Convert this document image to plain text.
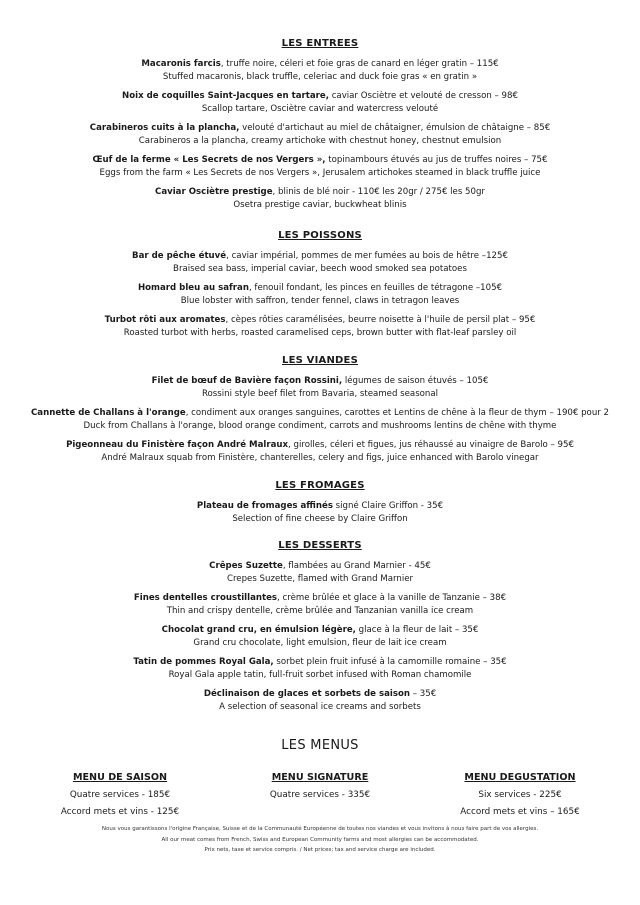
LES ENTREES
Macaronis farcis, truffe noire, céleri et foie gras de canard en léger gratin – 115€
Stuffed macaronis, black truffle, celeriac and duck foie gras « en gratin »
Noix de coquilles Saint-Jacques en tartare, caviar Osciètre et velouté de cresson – 98€
Scallop tartare, Osciètre caviar and watercress velouté
Carabineros cuits à la plancha, velouté d'artichaut au miel de châtaigner, émulsion de châtaigne – 85€
Carabineros a la plancha, creamy artichoke with chestnut honey, chestnut emulsion
Œuf de la ferme « Les Secrets de nos Vergers », topinambours étuvés au jus de truffes noires – 75€
Eggs from the farm « Les Secrets de nos Vergers », Jerusalem artichokes steamed in black truffle juice
Caviar Osciètre prestige, blinis de blé noir - 110€ les 20gr / 275€ les 50gr
Osetra prestige caviar, buckwheat blinis
LES POISSONS
Bar de pêche étuvé, caviar impérial, pommes de mer fumées au bois de hêtre –125€
Braised sea bass, imperial caviar, beech wood smoked sea potatoes
Homard bleu au safran, fenouil fondant, les pinces en feuilles de tétragone –105€
Blue lobster with saffron, tender fennel, claws in tetragon leaves
Turbot rôti aux aromates, cèpes rôties caramélisées, beurre noisette à l'huile de persil plat – 95€
Roasted turbot with herbs, roasted caramelised ceps, brown butter with flat-leaf parsley oil
LES VIANDES
Filet de bœuf de Bavière façon Rossini, légumes de saison étuvés – 105€
Rossini style beef filet from Bavaria, steamed seasonal
Cannette de Challans à l'orange, condiment aux oranges sanguines, carottes et Lentins de chêne à la fleur de thym – 190€ pour 2
Duck from Challans à l'orange, blood orange condiment, carrots and mushrooms lentins de chêne with thyme
Pigeonneau du Finistère façon André Malraux, girolles, céleri et figues, jus réhaussé au vinaigre de Barolo – 95€
André Malraux squab from Finistère, chanterelles, celery and figs, juice enhanced with Barolo vinegar
LES FROMAGES
Plateau de fromages affinés signé Claire Griffon - 35€
Selection of fine cheese by Claire Griffon
LES DESSERTS
Crêpes Suzette, flambées au Grand Marnier - 45€
Crepes Suzette, flamed with Grand Marnier
Fines dentelles croustillantes, crème brûlée et glace à la vanille de Tanzanie – 38€
Thin and crispy dentelle, crème brûlée and Tanzanian vanilla ice cream
Chocolat grand cru, en émulsion légère, glace à la fleur de lait – 35€
Grand cru chocolate, light emulsion, fleur de lait ice cream
Tatin de pommes Royal Gala, sorbet plein fruit infusé à la camomille romaine – 35€
Royal Gala apple tatin, full-fruit sorbet infused with Roman chamomile
Déclinaison de glaces et sorbets de saison – 35€
A selection of seasonal ice creams and sorbets
LES MENUS
MENU DE SAISON
Quatre services - 185€
Accord mets et vins - 125€
MENU SIGNATURE
Quatre services - 335€
MENU DEGUSTATION
Six services - 225€
Accord mets et vins – 165€
Nous vous garantissons l'origine Française, Suisse et de la Communauté Européenne de toutes nos viandes et vous invitons à nous faire part de vos allergies.
All our meat comes from French, Swiss and European Community farms and most allergies can be accommodated.
Prix nets, taxe et service compris. / Net prices; tax and service charge are included.
